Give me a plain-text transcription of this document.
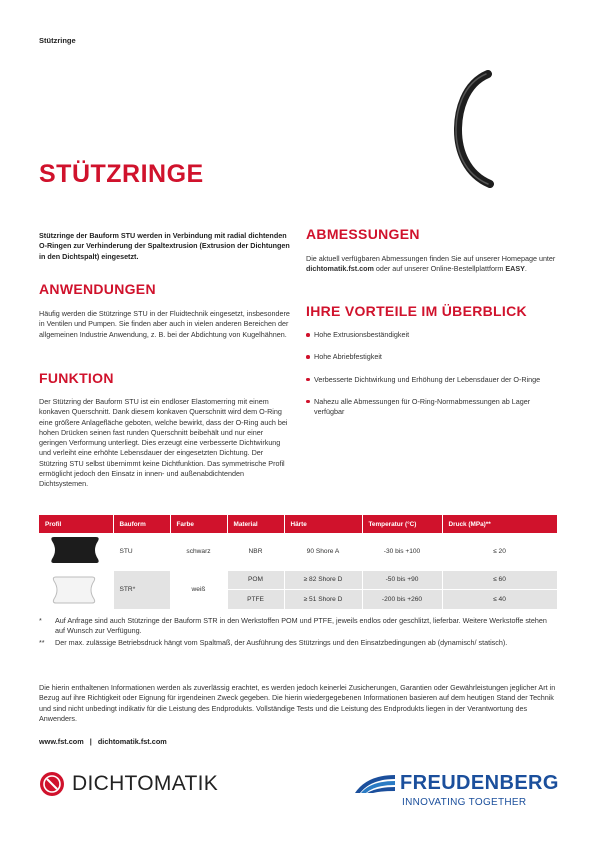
Stützringe
STÜTZRINGE
Stützringe der Bauform STU werden in Verbindung mit radial dichtenden O-Ringen zur Verhinderung der Spaltextrusion (Extrusion der Dichtungen in den Dichtspalt) eingesetzt.
ANWENDUNGEN
Häufig werden die Stützringe STU in der Fluidtechnik eingesetzt, insbesondere in Ventilen und Pumpen. Sie finden aber auch in vielen anderen Bereichen der allgemeinen Industrie Anwendung, z. B. bei der Abdichtung von Kugelhähnen.
FUNKTION
Der Stützring der Bauform STU ist ein endloser Elastomerring mit einem konkaven Querschnitt. Dank diesem konkaven Querschnitt wird dem O-Ring eine größere Anlagefläche geboten, welche bewirkt, dass der O-Ring auch bei hohen Drücken seinen fast runden Querschnitt beibehält und nur einer geringen Verformung unterliegt. Dies erzeugt eine verbesserte Dichtwirkung und verleiht eine erhöhte Lebensdauer der eingesetzten Dichtung. Der Stützring STU selbst übernimmt keine Dichtfunktion. Das symmetrische Profil ermöglicht jedoch den Einsatz in innen- und außenabdichtenden Dichtsystemen.
ABMESSUNGEN
Die aktuell verfügbaren Abmessungen finden Sie auf unserer Homepage unter dichtomatik.fst.com oder auf unserer Online-Bestellplattform EASY.
IHRE VORTEILE IM ÜBERBLICK
Hohe Extrusionsbeständigkeit
Hohe Abriebfestigkeit
Verbesserte Dichtwirkung und Erhöhung der Lebensdauer der O-Ringe
Nahezu alle Abmessungen für O-Ring-Normabmessungen ab Lager verfügbar
Profil	Bauform	Farbe	Material	Härte	Temperatur (°C)	Druck (MPa)**
	STU	schwarz	NBR	90 Shore A	-30 bis +100	≤ 20
	STR*	weiß	POM	≥ 82 Shore D	-50 bis +90	≤ 60
			PTFE	≥ 51 Shore D	-200 bis +260	≤ 40
* Auf Anfrage sind auch Stützringe der Bauform STR in den Werkstoffen POM und PTFE, jeweils endlos oder geschlitzt, lieferbar. Weitere Werkstoffe stehen auf Wunsch zur Verfügung.
** Der max. zulässige Betriebsdruck hängt vom Spaltmaß, der Ausführung des Stützrings und den Einsatzbedingungen ab (dynamisch/ statisch).
Die hierin enthaltenen Informationen werden als zuverlässig erachtet, es werden jedoch keinerlei Zusicherungen, Garantien oder Gewährleistungen jeglicher Art in Bezug auf ihre Richtigkeit oder Eignung für irgendeinen Zweck gegeben. Die hierin wiedergegebenen Informationen basieren auf dem heutigen Stand der Technik und sind nicht unbedingt indikativ für die Leistung des Endprodukts. Vollständige Tests und die Leistung des Endprodukts liegen in der Verantwortung des Anwenders.
www.fst.com | dichtomatik.fst.com
DICHTOMATIK	FREUDENBERG
INNOVATING TOGETHER
